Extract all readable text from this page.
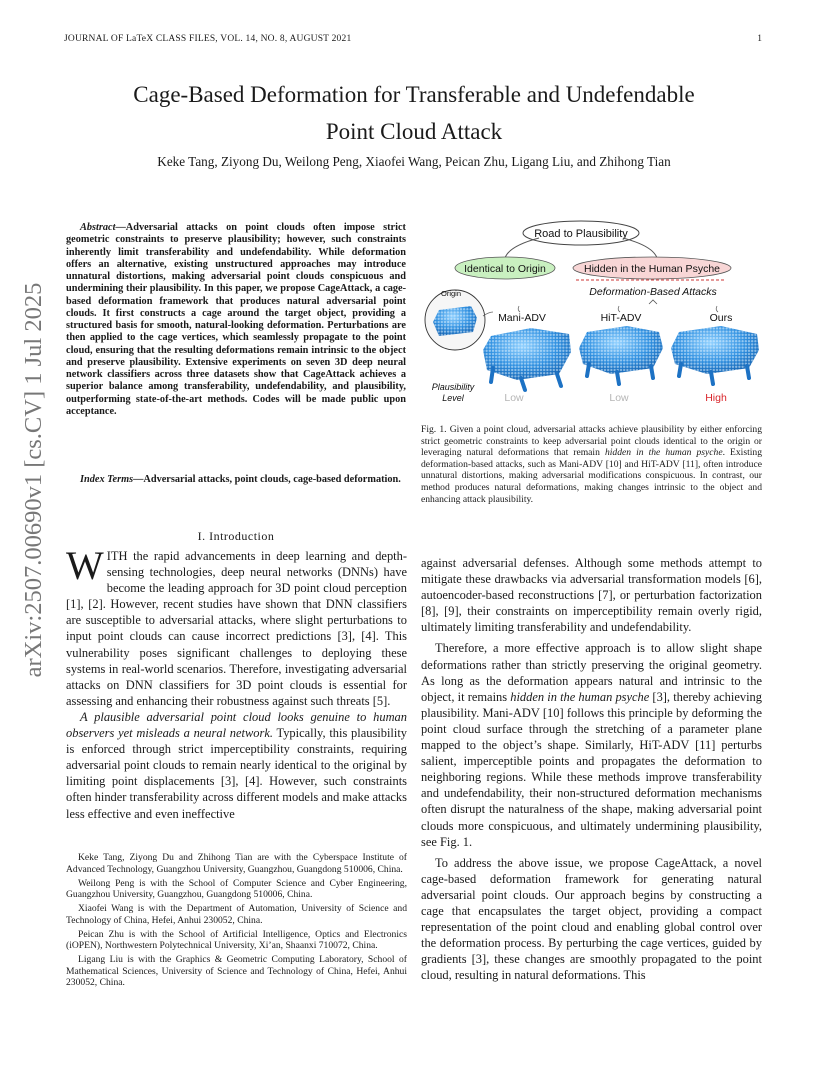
JOURNAL OF LaTeX CLASS FILES, VOL. 14, NO. 8, AUGUST 2021	1
Cage-Based Deformation for Transferable and Undefendable
Point Cloud Attack
Keke Tang, Ziyong Du, Weilong Peng, Xiaofei Wang, Peican Zhu, Ligang Liu, and Zhihong Tian
arXiv:2507.00690v1 [cs.CV] 1 Jul 2025

Abstract—Adversarial attacks on point clouds often impose strict geometric constraints to preserve plausibility; however, such constraints inherently limit transferability and undefendability. While deformation offers an alternative, existing unstructured approaches may introduce unnatural distortions, making adversarial point clouds conspicuous and undermining their plausibility. In this paper, we propose CageAttack, a cage-based deformation framework that produces natural adversarial point clouds. It first constructs a cage around the target object, providing a structured basis for smooth, natural-looking deformation. Perturbations are then applied to the cage vertices, which seamlessly propagate to the point cloud, ensuring that the resulting deformations remain intrinsic to the object and preserve plausibility. Extensive experiments on seven 3D deep neural network classifiers across three datasets show that CageAttack achieves a superior balance among transferability, undefendability, and plausibility, outperforming state-of-the-art methods. Codes will be made public upon acceptance.

Index Terms—Adversarial attacks, point clouds, cage-based deformation.
I. Introduction

WITH the rapid advancements in deep learning and depth-sensing technologies, deep neural networks (DNNs) have become the leading approach for 3D point cloud perception [1], [2]. However, recent studies have shown that DNN classifiers are susceptible to adversarial attacks, where slight perturbations to input point clouds can cause incorrect predictions [3], [4]. This vulnerability poses significant challenges to deploying these systems in real-world scenarios. Therefore, investigating adversarial attacks on DNN classifiers for 3D point clouds is essential for assessing and enhancing their robustness against such threats [5].

A plausible adversarial point cloud looks genuine to human observers yet misleads a neural network. Typically, this plausibility is enforced through strict imperceptibility constraints, requiring adversarial point clouds to remain nearly identical to the original by limiting point displacements [3], [4]. However, such constraints often hinder transferability across different models and make attacks less effective and even ineffective

Keke Tang, Ziyong Du and Zhihong Tian are with the Cyberspace Institute of Advanced Technology, Guangzhou University, Guangzhou, Guangdong 510006, China.

Weilong Peng is with the School of Computer Science and Cyber Engineering, Guangzhou University, Guangzhou, Guangdong 510006, China.

Xiaofei Wang is with the Department of Automation, University of Science and Technology of China, Hefei, Anhui 230052, China.

Peican Zhu is with the School of Artificial Intelligence, Optics and Electronics (iOPEN), Northwestern Polytechnical University, Xi’an, Shaanxi 710072, China.

Ligang Liu is with the Graphics & Geometric Computing Laboratory, School of Mathematical Sciences, University of Science and Technology of China, Hefei, Anhui 230052, China.

Road to Plausibility
Identical to Origin	Hidden in the Human Psyche
Deformation-Based Attacks
Origin
Mani-ADV	HiT-ADV	Ours
Plausibility
Level	Low	Low	High
Fig. 1. Given a point cloud, adversarial attacks achieve plausibility by either enforcing strict geometric constraints to keep adversarial point clouds identical to the origin or leveraging natural deformations that remain hidden in the human psyche. Existing deformation-based attacks, such as Mani-ADV [10] and HiT-ADV [11], often introduce unnatural distortions, making adversarial modifications conspicuous. In contrast, our method produces natural deformations, making changes intrinsic to the object and enhancing attack plausibility.

against adversarial defenses. Although some methods attempt to mitigate these drawbacks via adversarial transformation models [6], autoencoder-based reconstructions [7], or perturbation factorization [8], [9], their constraints on imperceptibility remain overly rigid, ultimately limiting transferability and undefendability.

Therefore, a more effective approach is to allow slight shape deformations rather than strictly preserving the original geometry. As long as the deformation appears natural and intrinsic to the object, it remains hidden in the human psyche [3], thereby achieving plausibility. Mani-ADV [10] follows this principle by deforming the point cloud surface through the stretching of a parameter plane mapped to the object’s shape. Similarly, HiT-ADV [11] perturbs salient, imperceptible points and propagates the deformation to neighboring regions. While these methods improve transferability and undefendability, their non-structured deformation mechanisms often disrupt the naturalness of the shape, making adversarial point clouds more conspicuous, and ultimately undermining plausibility, see Fig. 1.

To address the above issue, we propose CageAttack, a novel cage-based deformation framework for generating natural adversarial point clouds. Our approach begins by constructing a cage that encapsulates the target object, providing a compact representation of the point cloud and enabling global control over the deformation process. By perturbing the cage vertices, guided by gradients [3], these changes are smoothly propagated to the point cloud, resulting in natural deformations. This
